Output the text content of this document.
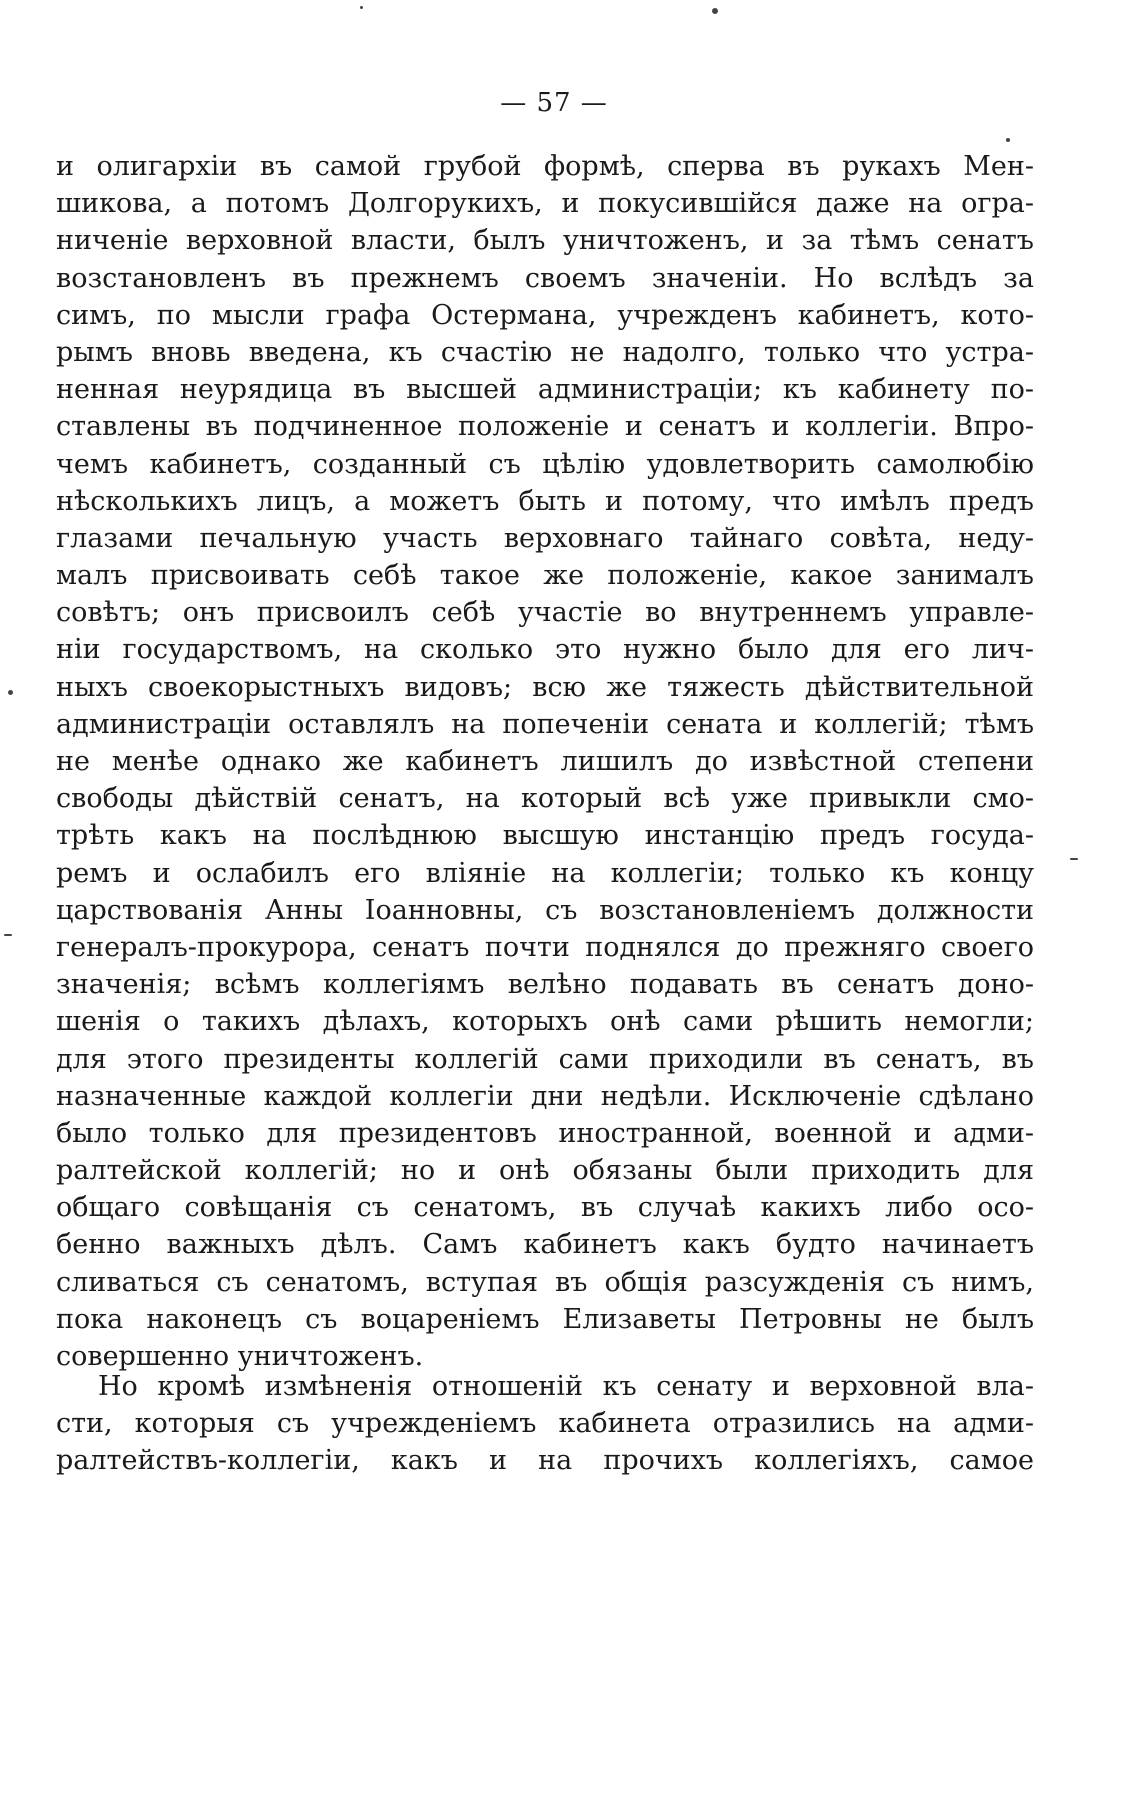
— 57 —
и олигархіи въ самой грубой формѣ, сперва въ рукахъ Мен-
шикова, а потомъ Долгорукихъ, и покусившійся даже на огра-
ниченіе верховной власти, былъ уничтоженъ, и за тѣмъ сенатъ
возстановленъ въ прежнемъ своемъ значеніи. Но вслѣдъ за
симъ, по мысли графа Остермана, учрежденъ кабинетъ, кото-
рымъ вновь введена, къ счастію не надолго, только что устра-
ненная неурядица въ высшей администраціи; къ кабинету по-
ставлены въ подчиненное положеніе и сенатъ и коллегіи. Впро-
чемъ кабинетъ, созданный съ цѣлію удовлетворить самолюбію
нѣсколькихъ лицъ, а можетъ быть и потому, что имѣлъ предъ
глазами печальную участь верховнаго тайнаго совѣта, неду-
малъ присвоивать себѣ такое же положеніе, какое занималъ
совѣтъ; онъ присвоилъ себѣ участіе во внутреннемъ управле-
ніи государствомъ, на сколько это нужно было для его лич-
ныхъ своекорыстныхъ видовъ; всю же тяжесть дѣйствительной
администраціи оставлялъ на попеченіи сената и коллегій; тѣмъ
не менѣе однако же кабинетъ лишилъ до извѣстной степени
свободы дѣйствій сенатъ, на который всѣ уже привыкли смо-
трѣть какъ на послѣднюю высшую инстанцію предъ госуда-
ремъ и ослабилъ его вліяніе на коллегіи; только къ концу
царствованія Анны Іоанновны, съ возстановленіемъ должности
генералъ-прокурора, сенатъ почти поднялся до прежняго своего
значенія; всѣмъ коллегіямъ велѣно подавать въ сенатъ доно-
шенія о такихъ дѣлахъ, которыхъ онѣ сами рѣшить немогли;
для этого президенты коллегій сами приходили въ сенатъ, въ
назначенные каждой коллегіи дни недѣли. Исключеніе сдѣлано
было только для президентовъ иностранной, военной и адми-
ралтейской коллегій; но и онѣ обязаны были приходить для
общаго совѣщанія съ сенатомъ, въ случаѣ какихъ либо осо-
бенно важныхъ дѣлъ. Самъ кабинетъ какъ будто начинаетъ
сливаться съ сенатомъ, вступая въ общія разсужденія съ нимъ,
пока наконецъ съ воцареніемъ Елизаветы Петровны не былъ
совершенно уничтоженъ.
Но кромѣ измѣненія отношеній къ сенату и верховной вла-
сти, которыя съ учрежденіемъ кабинета отразились на адми-
ралтействъ-коллегіи, какъ и на прочихъ коллегіяхъ, самое
